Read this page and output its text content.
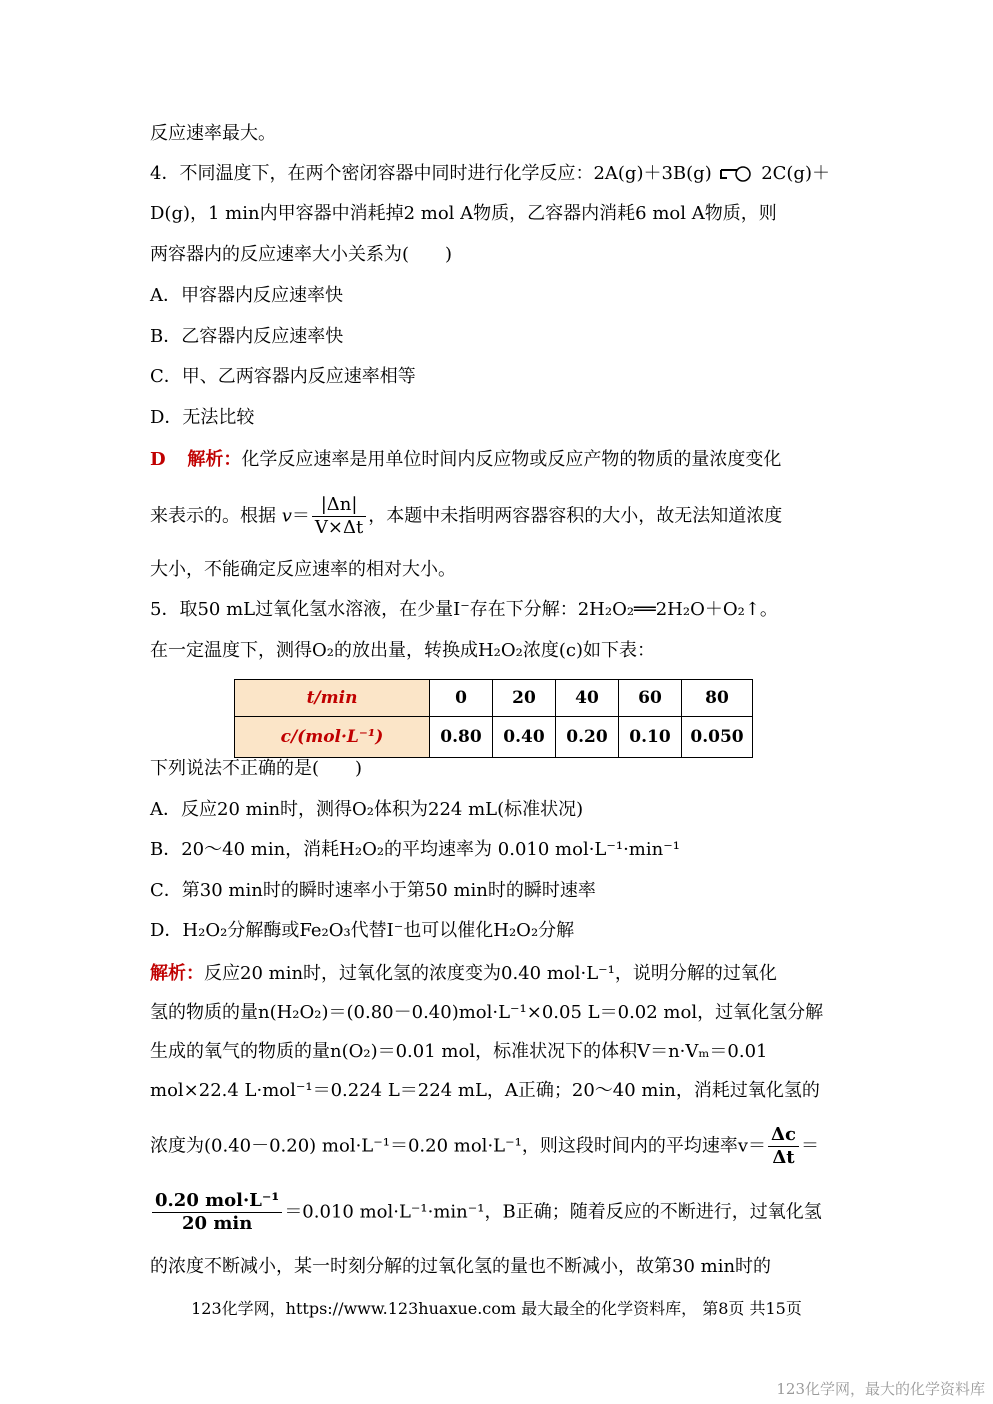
反应速率最大。
4．不同温度下，在两个密闭容器中同时进行化学反应：2A(g)＋3B(g)	2C(g)＋
D(g)，1 min内甲容器中消耗掉2 mol A物质，乙容器内消耗6 mol A物质，则
两容器内的反应速率大小关系为(　　)
A．甲容器内反应速率快
B．乙容器内反应速率快
C．甲、乙两容器内反应速率相等
D．无法比较
D 解析：化学反应速率是用单位时间内反应物或反应产物的物质的量浓度变化
来表示的。根据 $v= \frac{|\Delta n|}{V\times\Delta t}$ ，本题中未指明两容器容积的大小，故无法知道浓度
大小，不能确定反应速率的相对大小。
5．取50 mL过氧化氢水溶液，在少量I⁻存在下分解：2H₂O₂══2H₂O＋O₂↑。
在一定温度下，测得O₂的放出量，转换成H₂O₂浓度(c)如下表：
t/min	0	20	40	60	80
c/(mol·L⁻¹)	0.80	0.40	0.20	0.10	0.050
下列说法不正确的是(　　)
A．反应20 min时，测得O₂体积为224 mL(标准状况)
B．20～40 min，消耗H₂O₂的平均速率为 0.010 mol·L⁻¹·min⁻¹
C．第30 min时的瞬时速率小于第50 min时的瞬时速率
D．H₂O₂分解酶或Fe₂O₃代替I⁻也可以催化H₂O₂分解
解析：反应20 min时，过氧化氢的浓度变为0.40 mol·L⁻¹，说明分解的过氧化
氢的物质的量n(H₂O₂)＝(0.80－0.40)mol·L⁻¹×0.05 L＝0.02 mol，过氧化氢分解
生成的氧气的物质的量n(O₂)＝0.01 mol，标准状况下的体积V＝n·Vₘ＝0.01
mol×22.4 L·mol⁻¹＝0.224 L＝224 mL，A正确；20～40 min，消耗过氧化氢的
浓度为(0.40－0.20) mol·L⁻¹＝0.20 mol·L⁻¹，则这段时间内的平均速率$v= \frac{\Delta c}{\Delta t}$ ＝
$\frac{\text{0.20 mol·L⁻¹}}{20 \min} =0.010$ mol·L⁻¹·min⁻¹，B正确；随着反应的不断进行，过氧化氢
的浓度不断减小，某一时刻分解的过氧化氢的量也不断减小，故第30 min时的
123化学网，https://www.123huaxue.com 最大最全的化学资料库， 第8页 共15页
123化学网，最大的化学资料库
